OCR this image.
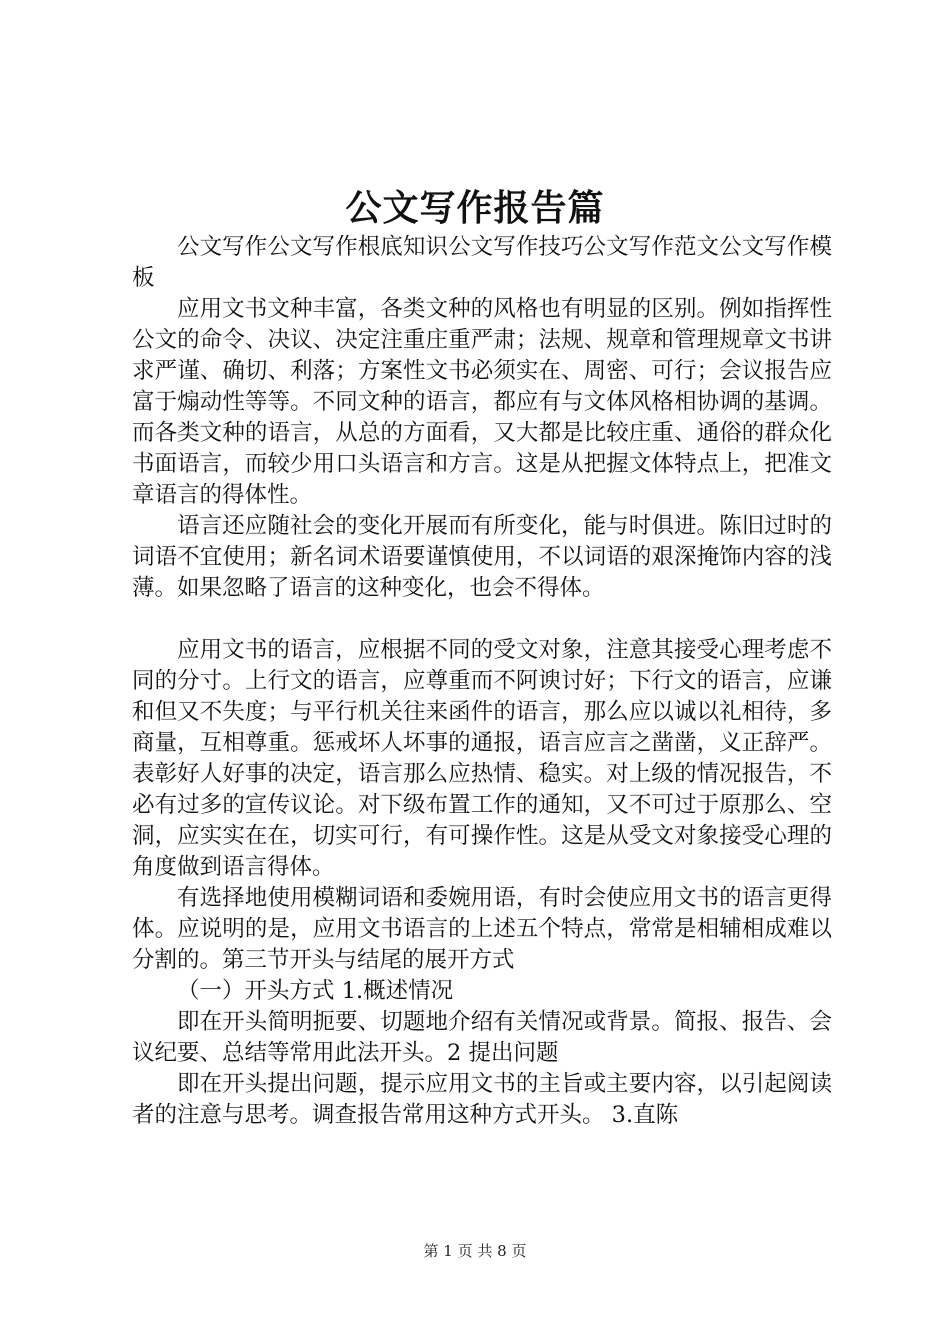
公文写作报告篇

公文写作公文写作根底知识公文写作技巧公文写作范文公文写作模板

应用文书文种丰富，各类文种的风格也有明显的区别。例如指挥性公文的命令、决议、决定注重庄重严肃；法规、规章和管理规章文书讲求严谨、确切、利落；方案性文书必须实在、周密、可行；会议报告应富于煽动性等等。不同文种的语言，都应有与文体风格相协调的基调。而各类文种的语言，从总的方面看，又大都是比较庄重、通俗的群众化书面语言，而较少用口头语言和方言。这是从把握文体特点上，把准文章语言的得体性。

语言还应随社会的变化开展而有所变化，能与时俱进。陈旧过时的词语不宜使用；新名词术语要谨慎使用，不以词语的艰深掩饰内容的浅薄。如果忽略了语言的这种变化，也会不得体。

应用文书的语言，应根据不同的受文对象，注意其接受心理考虑不同的分寸。上行文的语言，应尊重而不阿谀讨好；下行文的语言，应谦和但又不失度；与平行机关往来函件的语言，那么应以诚以礼相待，多商量，互相尊重。惩戒坏人坏事的通报，语言应言之凿凿，义正辞严。表彰好人好事的决定，语言那么应热情、稳实。对上级的情况报告，不必有过多的宣传议论。对下级布置工作的通知，又不可过于原那么、空洞，应实实在在，切实可行，有可操作性。这是从受文对象接受心理的角度做到语言得体。

有选择地使用模糊词语和委婉用语，有时会使应用文书的语言更得体。应说明的是，应用文书语言的上述五个特点，常常是相辅相成难以分割的。第三节开头与结尾的展开方式

（一）开头方式 1.概述情况

即在开头简明扼要、切题地介绍有关情况或背景。简报、报告、会议纪要、总结等常用此法开头。2 提出问题

即在开头提出问题，提示应用文书的主旨或主要内容，以引起阅读者的注意与思考。调查报告常用这种方式开头。 3.直陈

第 1 页 共 8 页
